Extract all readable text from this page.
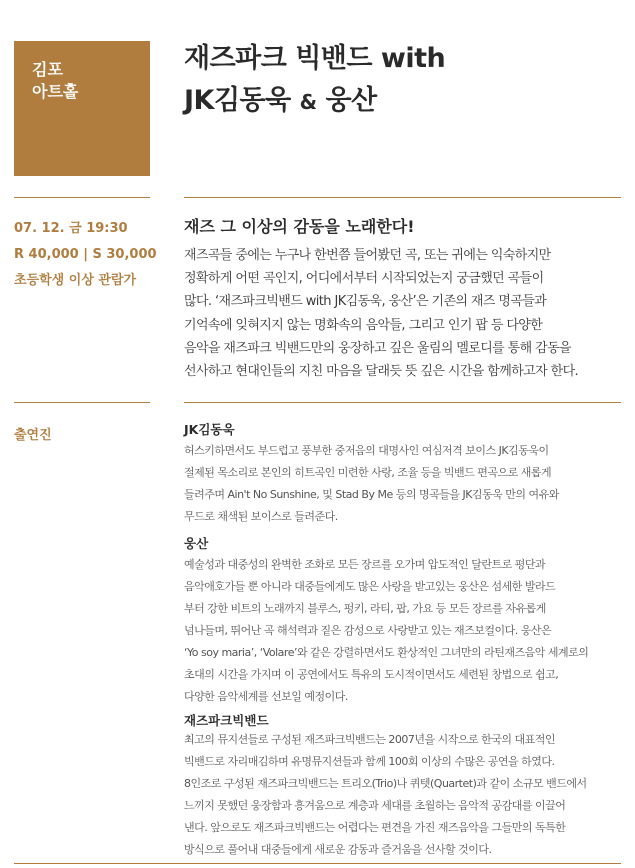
김포
아트홀
재즈파크 빅밴드 with
JK김동욱 & 웅산
07. 12. 금 19:30
R 40,000 | S 30,000
초등학생 이상 관람가
재즈 그 이상의 감동을 노래한다!
재즈곡들 중에는 누구나 한번쯤 들어봤던 곡, 또는 귀에는 익숙하지만
정확하게 어떤 곡인지, 어디에서부터 시작되었는지 궁금했던 곡들이
많다. ‘재즈파크빅밴드 with JK김동욱, 웅산’은 기존의 재즈 명곡들과
기억속에 잊혀지지 않는 명화속의 음악들, 그리고 인기 팝 등 다양한
음악을 재즈파크 빅밴드만의 웅장하고 깊은 울림의 멜로디를 통해 감동을
선사하고 현대인들의 지친 마음을 달래듯 뜻 깊은 시간을 함께하고자 한다.
출연진	JK김동욱
허스키하면서도 부드럽고 풍부한 중저음의 대명사인 여심저격 보이스 JK김동욱이
절제된 목소리로 본인의 히트곡인 미련한 사랑, 조율 등을 빅밴드 편곡으로 새롭게
들려주며 Ain't No Sunshine, 및 Stad By Me 등의 명곡들을 JK김동욱 만의 여유와
무드로 채색된 보이스로 들려준다.
웅산
예술성과 대중성의 완벽한 조화로 모든 장르를 오가며 압도적인 달란트로 평단과
음악애호가들 뿐 아니라 대중들에게도 많은 사랑을 받고있는 웅산은 섬세한 발라드
부터 강한 비트의 노래까지 블루스, 펑키, 라티, 팝, 가요 등 모든 장르를 자유롭게
넘나들며, 뛰어난 곡 해석력과 짙은 감성으로 사랑받고 있는 재즈보컬이다. 웅산은
‘Yo soy maria’, ‘Volare’와 같은 강렬하면서도 환상적인 그녀만의 라틴재즈음악 세계로의
초대의 시간을 가지며 이 공연에서도 특유의 도시적이면서도 세련된 창법으로 쉽고,
다양한 음악세계를 선보일 예정이다.
재즈파크빅밴드
최고의 뮤지션들로 구성된 재즈파크빅밴드는 2007년을 시작으로 한국의 대표적인
빅밴드로 자리매김하며 유명뮤지션들과 함께 100회 이상의 수많은 공연을 하였다.
8인조로 구성된 재즈파크빅밴드는 트리오(Trio)나 퀴텟(Quartet)과 같이 소규모 밴드에서
느끼지 못했던 웅장함과 흥겨움으로 계층과 세대를 초월하는 음악적 공감대를 이끌어
낸다. 앞으로도 재즈파크빅밴드는 어렵다는 편견을 가진 재즈음악을 그들만의 독특한
방식으로 풀어내 대중들에게 새로운 감동과 즐거움을 선사할 것이다.
